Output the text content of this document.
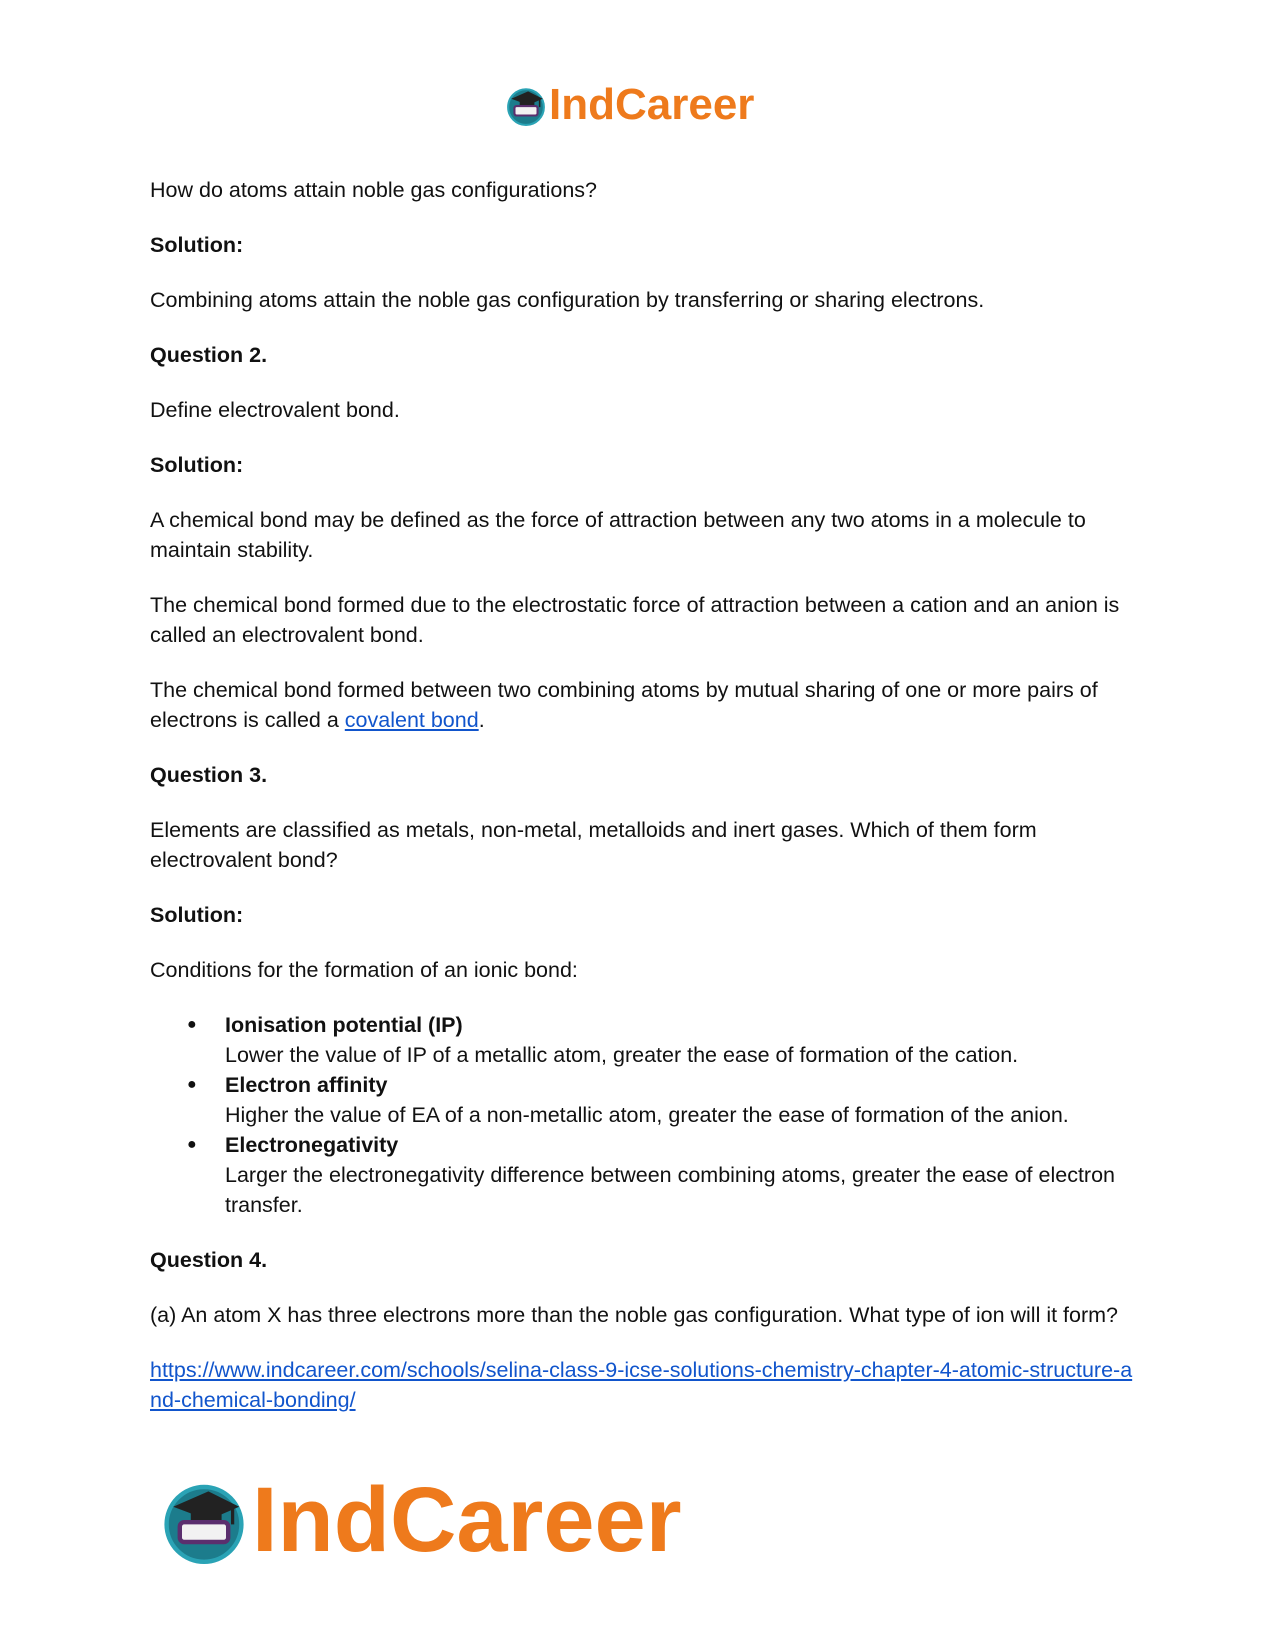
IndCareer

How do atoms attain noble gas configurations?

Solution:

Combining atoms attain the noble gas configuration by transferring or sharing electrons.

Question 2.

Define electrovalent bond.

Solution:

A chemical bond may be defined as the force of attraction between any two atoms in a molecule to maintain stability.

The chemical bond formed due to the electrostatic force of attraction between a cation and an anion is called an electrovalent bond.

The chemical bond formed between two combining atoms by mutual sharing of one or more pairs of electrons is called a covalent bond.

Question 3.

Elements are classified as metals, non-metal, metalloids and inert gases. Which of them form electrovalent bond?

Solution:

Conditions for the formation of an ionic bond:

● Ionisation potential (IP)
Lower the value of IP of a metallic atom, greater the ease of formation of the cation.
● Electron affinity
Higher the value of EA of a non-metallic atom, greater the ease of formation of the anion.
● Electronegativity
Larger the electronegativity difference between combining atoms, greater the ease of electron transfer.

Question 4.

(a) An atom X has three electrons more than the noble gas configuration. What type of ion will it form?

https://www.indcareer.com/schools/selina-class-9-icse-solutions-chemistry-chapter-4-atomic-structure-and-chemical-bonding/

IndCareer
